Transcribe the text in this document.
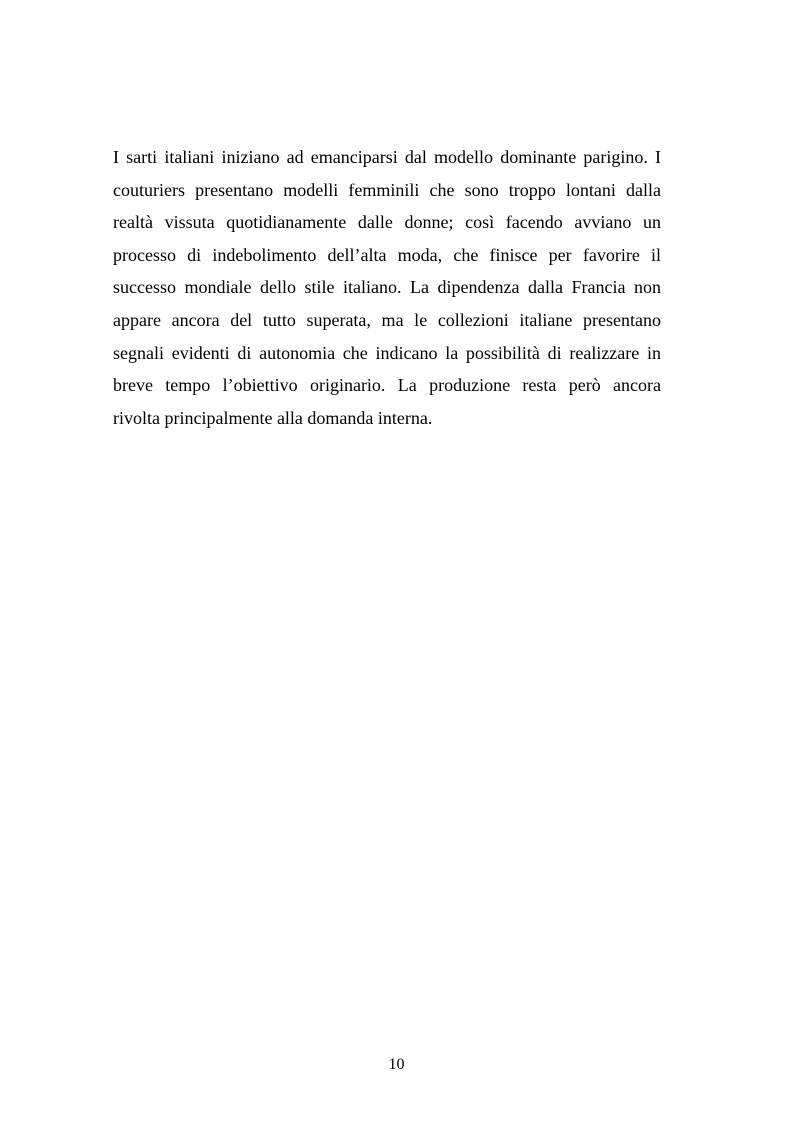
I sarti italiani iniziano ad emanciparsi dal modello dominante parigino. I
couturiers presentano modelli femminili che sono troppo lontani dalla
realtà vissuta quotidianamente dalle donne; così facendo avviano un
processo di indebolimento dell’alta moda, che finisce per favorire il
successo mondiale dello stile italiano. La dipendenza dalla Francia non
appare ancora del tutto superata, ma le collezioni italiane presentano
segnali evidenti di autonomia che indicano la possibilità di realizzare in
breve tempo l’obiettivo originario. La produzione resta però ancora
rivolta principalmente alla domanda interna.

10
